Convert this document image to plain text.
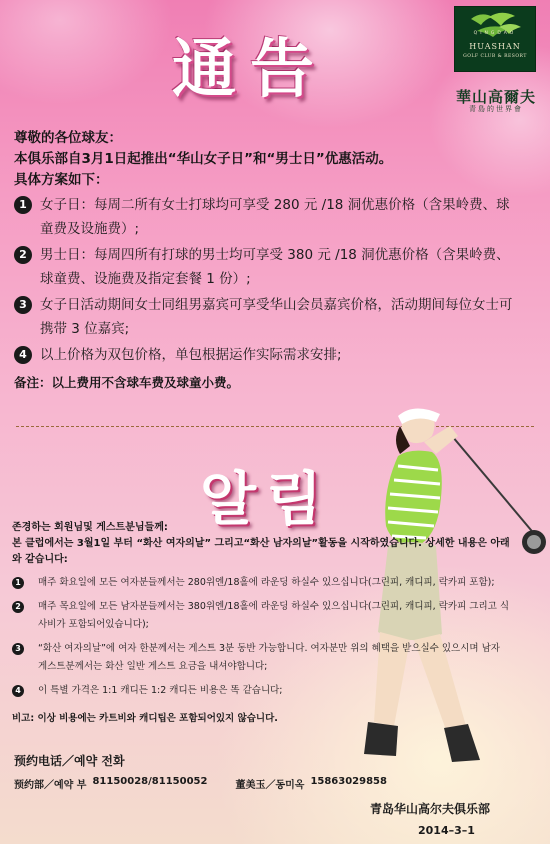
通告	QINGDAO
HUASHAN
GOLF CLUB & RESORT
華山高爾夫
青島的世界會
尊敬的各位球友：
本俱乐部自3月1日起推出“华山女子日”和“男士日”优惠活动。
具体方案如下：
1 女子日：每周二所有女士打球均可享受 280 元 /18 洞优惠价格（含果岭费、球童费及设施费）;
2 男士日：每周四所有打球的男士均可享受 380 元 /18 洞优惠价格（含果岭费、球童费、设施费及指定套餐 1 份）;
3 女子日活动期间女士同组男嘉宾可享受华山会员嘉宾价格，活动期间每位女士可携带 3 位嘉宾;
4 以上价格为双包价格，单包根据运作实际需求安排;
备注：以上费用不含球车费及球童小费。
알림
존경하는 회원님및 게스트분님들께:
본 클럽에서는 3월1일 부터 “화산 여자의날” 그리고“화산 남자의날”활동을 시작하였습니다. 상세한 내용은 아래와 같습니다:
1	매주 화요일에 모든 여자분들께서는 280위엔/18홀에 라운딩 하실수 있으십니다(그린피, 캐디피, 락카피 포함);
2	매주 목요일에 모든 남자분들께서는 380위엔/18홀에 라운딩 하실수 있으십니다(그린피, 캐디피, 락카피 그리고 식사비가 포함되어있습니다);
3	“화산 여자의날”에 여자 한분께서는 게스트 3분 동반 가능합니다. 여자분만 위의 혜택을 받으실수 있으시며 남자 게스트분께서는 화산 일반 게스트 요금을 내셔야합니다;
4	이 특별 가격은 1:1 캐디든 1:2 캐디든 비용은 똑 같습니다;
비고: 이상 비용에는 카트비와 캐디팁은 포함되어있지 않습니다.
预约电话／예약 전화
预约部／예약 부 81150028/81150052	董美玉／동미옥 15863029858
青岛华山高尔夫俱乐部
2014–3–1
